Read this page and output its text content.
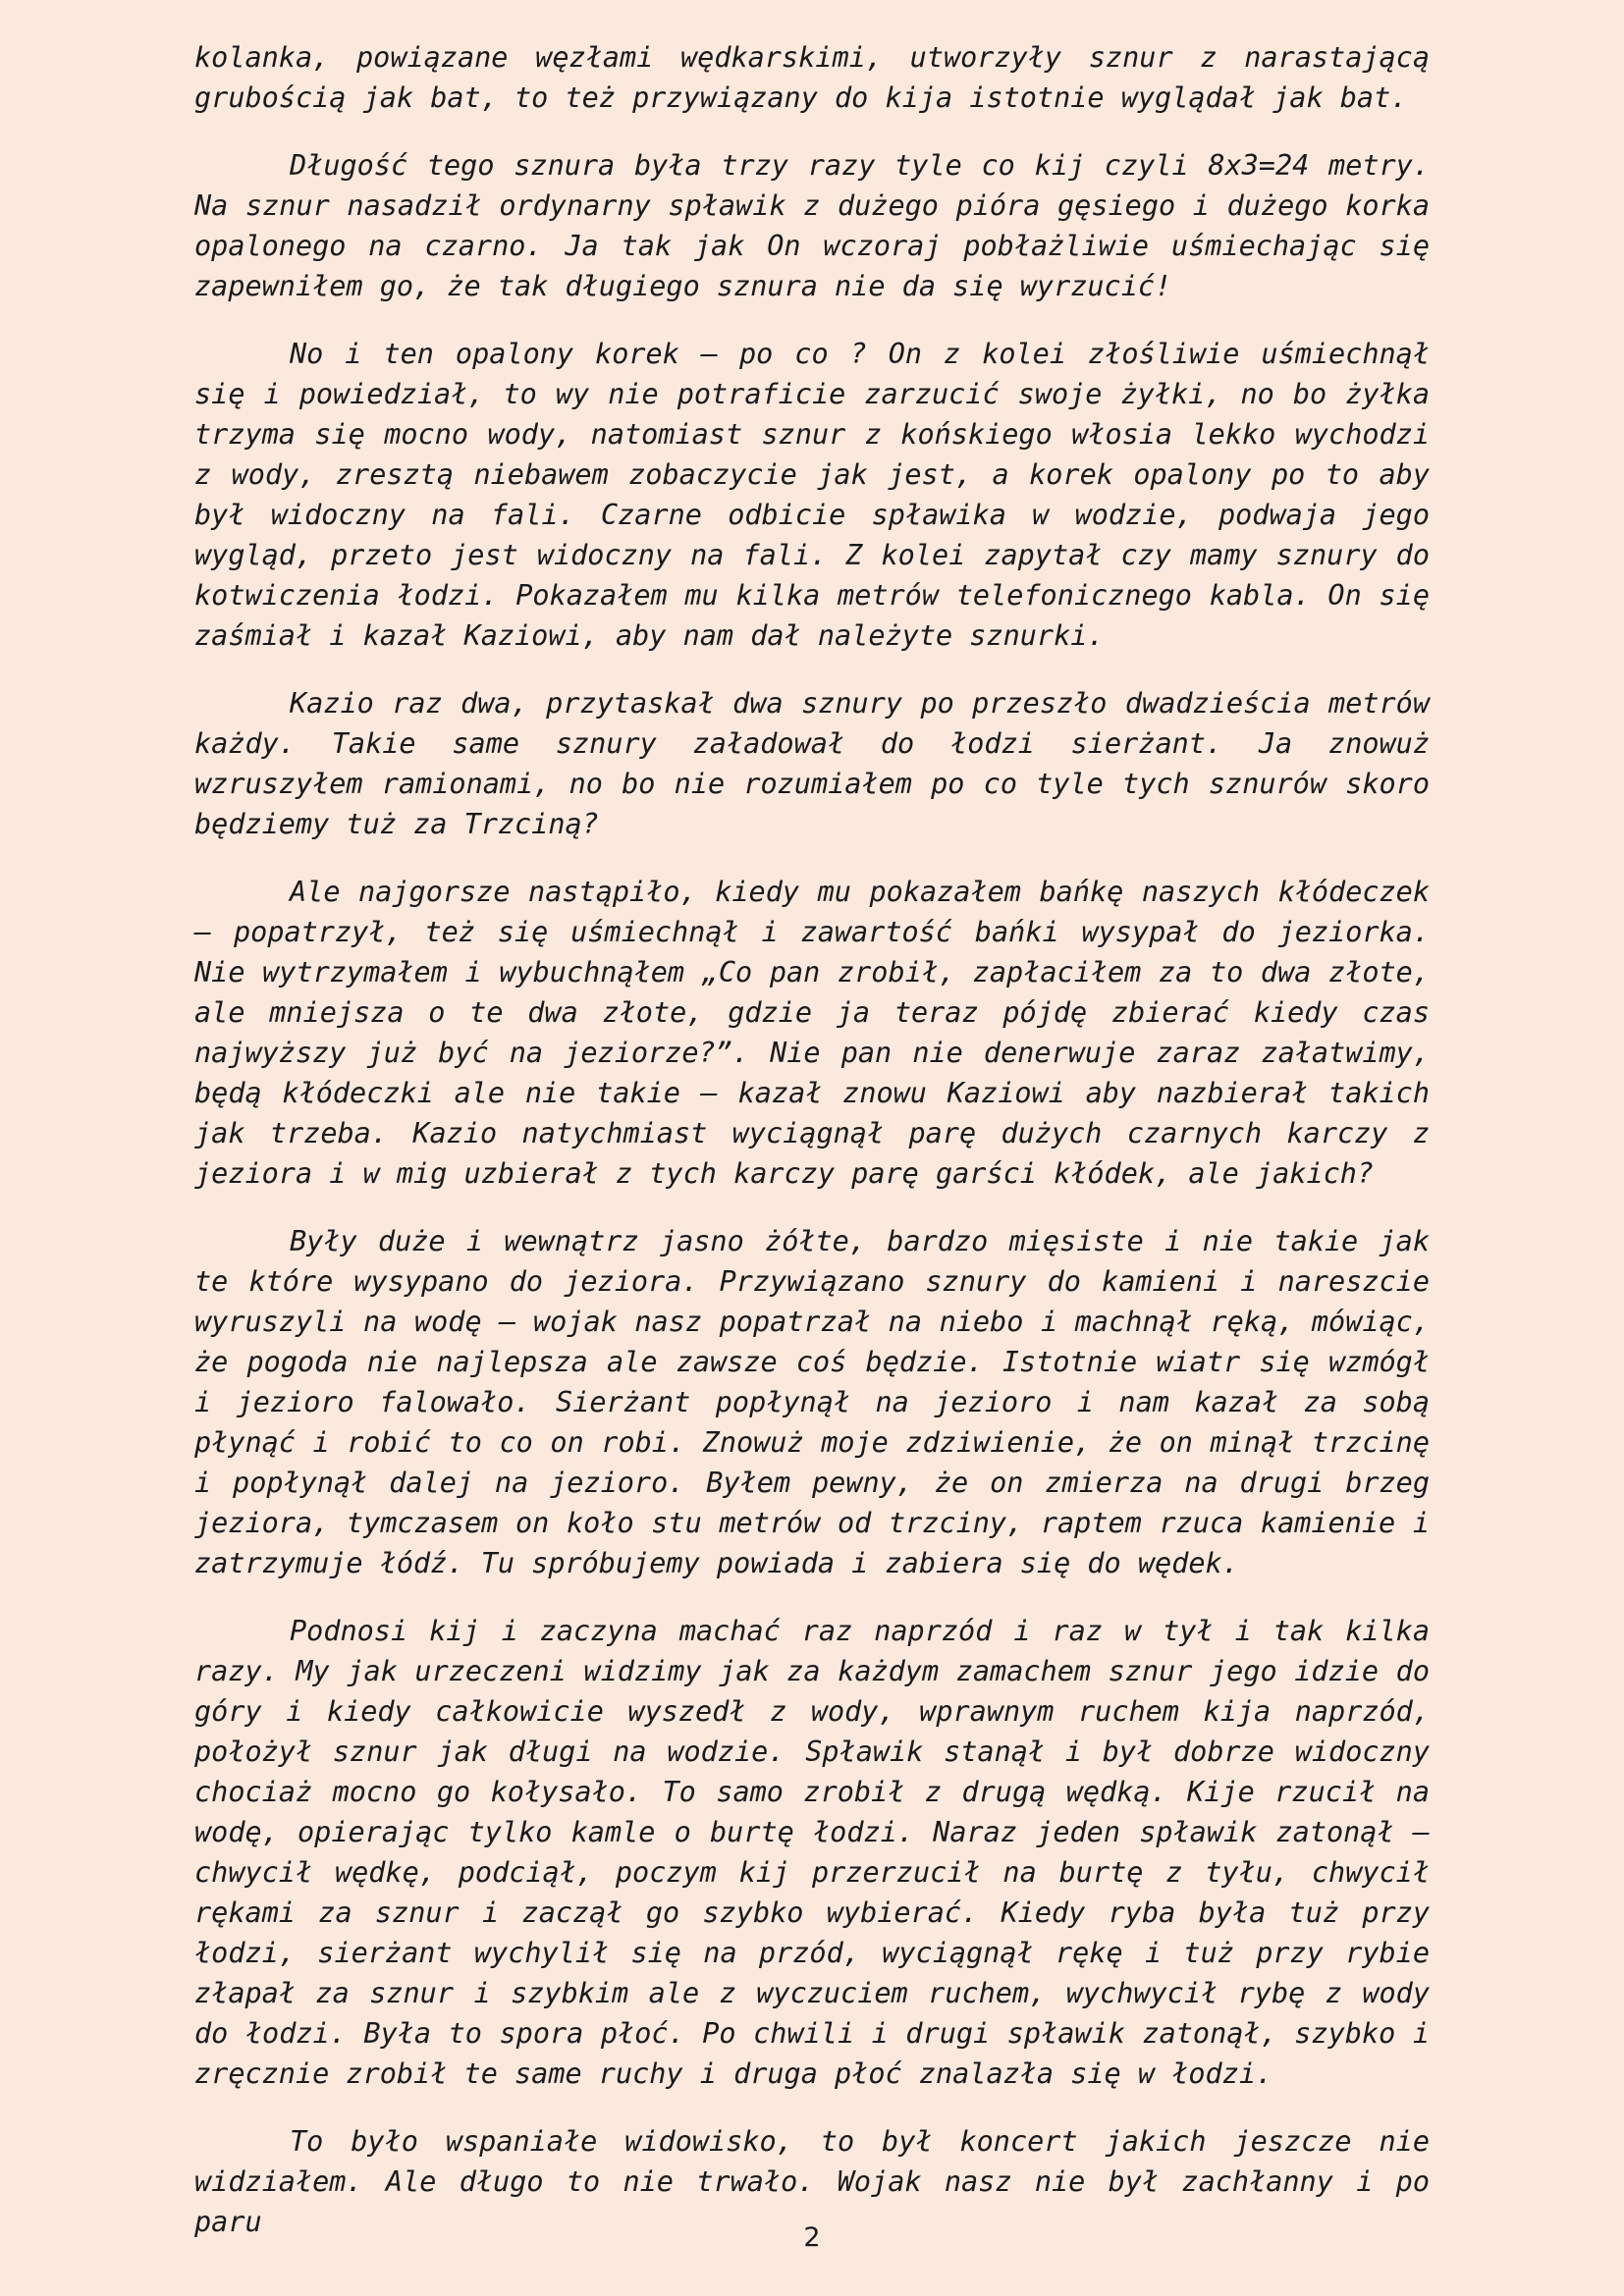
kolanka, powiązane węzłami wędkarskimi, utworzyły sznur z narastającą grubością jak bat, to też przywiązany do kija istotnie wyglądał jak bat.

Długość tego sznura była trzy razy tyle co kij czyli 8x3=24 metry. Na sznur nasadził ordynarny spławik z dużego pióra gęsiego i dużego korka opalonego na czarno. Ja tak jak On wczoraj pobłażliwie uśmiechając się zapewniłem go, że tak długiego sznura nie da się wyrzucić!

No i ten opalony korek – po co ? On z kolei złośliwie uśmiechnął się i powiedział, to wy nie potraficie zarzucić swoje żyłki, no bo żyłka trzyma się mocno wody, natomiast sznur z końskiego włosia lekko wychodzi z wody, zresztą niebawem zobaczycie jak jest, a korek opalony po to aby był widoczny na fali. Czarne odbicie spławika w wodzie, podwaja jego wygląd, przeto jest widoczny na fali. Z kolei zapytał czy mamy sznury do kotwiczenia łodzi. Pokazałem mu kilka metrów telefonicznego kabla. On się zaśmiał i kazał Kaziowi, aby nam dał należyte sznurki.

Kazio raz dwa, przytaskał dwa sznury po przeszło dwadzieścia metrów każdy. Takie same sznury załadował do łodzi sierżant. Ja znowuż wzruszyłem ramionami, no bo nie rozumiałem po co tyle tych sznurów skoro będziemy tuż za Trzciną?

Ale najgorsze nastąpiło, kiedy mu pokazałem bańkę naszych kłódeczek – popatrzył, też się uśmiechnął i zawartość bańki wysypał do jeziorka. Nie wytrzymałem i wybuchnąłem „Co pan zrobił, zapłaciłem za to dwa złote, ale mniejsza o te dwa złote, gdzie ja teraz pójdę zbierać kiedy czas najwyższy już być na jeziorze?”. Nie pan nie denerwuje zaraz załatwimy, będą kłódeczki ale nie takie – kazał znowu Kaziowi aby nazbierał takich jak trzeba. Kazio natychmiast wyciągnął parę dużych czarnych karczy z jeziora i w mig uzbierał z tych karczy parę garści kłódek, ale jakich?

Były duże i wewnątrz jasno żółte, bardzo mięsiste i nie takie jak te które wysypano do jeziora. Przywiązano sznury do kamieni i nareszcie wyruszyli na wodę – wojak nasz popatrzał na niebo i machnął ręką, mówiąc, że pogoda nie najlepsza ale zawsze coś będzie. Istotnie wiatr się wzmógł i jezioro falowało. Sierżant popłynął na jezioro i nam kazał za sobą płynąć i robić to co on robi. Znowuż moje zdziwienie, że on minął trzcinę i popłynął dalej na jezioro. Byłem pewny, że on zmierza na drugi brzeg jeziora, tymczasem on koło stu metrów od trzciny, raptem rzuca kamienie i zatrzymuje łódź. Tu spróbujemy powiada i zabiera się do wędek.

Podnosi kij i zaczyna machać raz naprzód i raz w tył i tak kilka razy. My jak urzeczeni widzimy jak za każdym zamachem sznur jego idzie do góry i kiedy całkowicie wyszedł z wody, wprawnym ruchem kija naprzód, położył sznur jak długi na wodzie. Spławik stanął i był dobrze widoczny chociaż mocno go kołysało. To samo zrobił z drugą wędką. Kije rzucił na wodę, opierając tylko kamle o burtę łodzi. Naraz jeden spławik zatonął – chwycił wędkę, podciął, poczym kij przerzucił na burtę z tyłu, chwycił rękami za sznur i zaczął go szybko wybierać. Kiedy ryba była tuż przy łodzi, sierżant wychylił się na przód, wyciągnął rękę i tuż przy rybie złapał za sznur i szybkim ale z wyczuciem ruchem, wychwycił rybę z wody do łodzi. Była to spora płoć. Po chwili i drugi spławik zatonął, szybko i zręcznie zrobił te same ruchy i druga płoć znalazła się w łodzi.

To było wspaniałe widowisko, to był koncert jakich jeszcze nie widziałem. Ale długo to nie trwało. Wojak nasz nie był zachłanny i po paru	2
